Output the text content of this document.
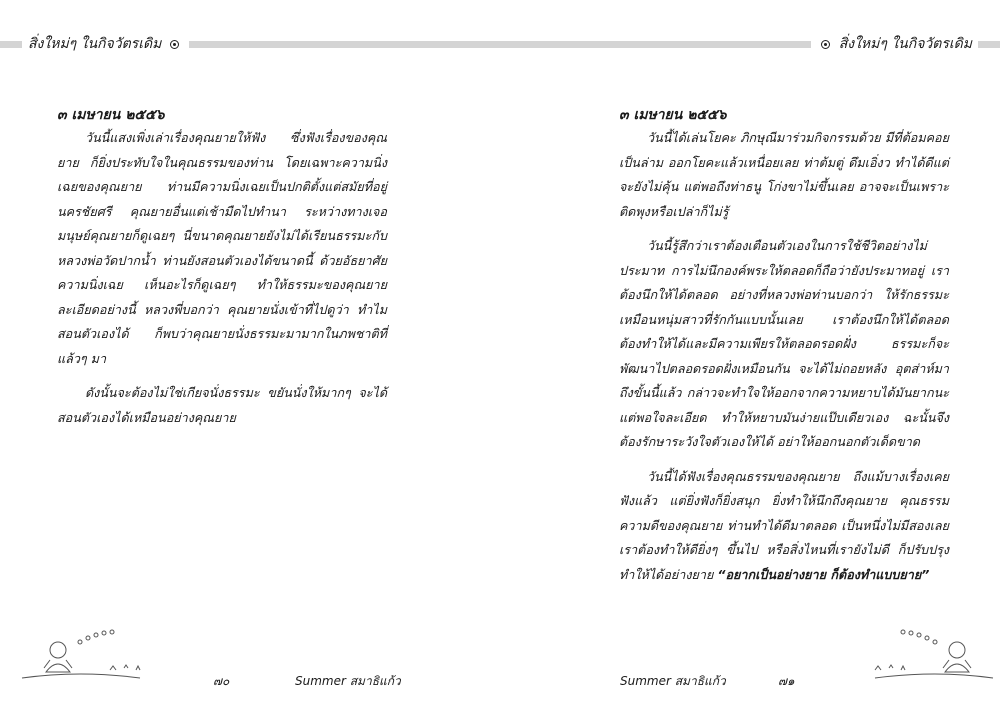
สิ่งใหม่ๆ ในกิจวัตรเดิม
๓ เมษายน ๒๕๕๖

วันนี้แสงเพิ่งเล่าเรื่องคุณยายให้ฟัง ซึ่งฟังเรื่องของคุณยาย ก็ยิ่งประทับใจในคุณธรรมของท่าน โดยเฉพาะความนิ่งเฉยของคุณยาย ท่านมีความนิ่งเฉยเป็นปกติตั้งแต่สมัยที่อยู่นครชัยศรี คุณยายอื่นแต่เช้ามืดไปทำนา ระหว่างทางเจอมนุษย์คุณยายก็ดูเฉยๆ นี่ขนาดคุณยายยังไม่ได้เรียนธรรมะกับหลวงพ่อวัดปากน้ำ ท่านยังสอนตัวเองได้ขนาดนี้ ด้วยอัธยาศัยความนิ่งเฉย เห็นอะไรก็ดูเฉยๆ ทำให้ธรรมะของคุณยายละเอียดอย่างนี้ หลวงพี่บอกว่า คุณยายนั่งเข้าที่ไปดูว่า ทำไมสอนตัวเองได้ ก็พบว่าคุณยายนั่งธรรมะมามากในภพชาติที่แล้วๆ มา

ดังนั้นจะต้องไม่ใช่เกียจนั่งธรรมะ ขยันนั่งให้มากๆ จะได้สอนตัวเองได้เหมือนอย่างคุณยาย

๗๐	Summer สมาธิแก้ว
สิ่งใหม่ๆ ในกิจวัตรเดิม
๓ เมษายน ๒๕๕๖

วันนี้ได้เล่นโยคะ ภิกษุณีมาร่วมกิจกรรมด้วย มีที่ต้อมคอยเป็นล่าม ออกโยคะแล้วเหนื่อยเลย ท่าต้มตู่ ดึมเอิ่งว ทำได้ดีแต่จะยังไม่คุ้น แต่พอถึงท่าธนู โก่งขาไม่ขึ้นเลย อาจจะเป็นเพราะติดพุงหรือเปล่าก็ไม่รู้

วันนี้รู้สึกว่าเราต้องเตือนตัวเองในการใช้ชีวิตอย่างไม่ประมาท การไม่นึกองค์พระให้ตลอดก็ถือว่ายังประมาทอยู่ เราต้องนึกให้ได้ตลอด อย่างที่หลวงพ่อท่านบอกว่า ให้รักธรรมะเหมือนหนุ่มสาวที่รักกันแบบนั้นเลย เราต้องนึกให้ได้ตลอด ต้องทำให้ได้และมีความเพียรให้ตลอดรอดฝั่ง ธรรมะก็จะพัฒนาไปตลอดรอดฝั่งเหมือนกัน จะได้ไม่ถอยหลัง อุตส่าห์มาถึงขั้นนี้แล้ว กล่าวจะทำใจให้ออกจากความหยาบได้มันยากนะ แต่พอใจละเอียด ทำให้หยาบมันง่ายแป๊บเดียวเอง ฉะนั้นจึงต้องรักษาระวังใจตัวเองให้ได้ อย่าให้ออกนอกตัวเด็ดขาด

วันนี้ได้ฟังเรื่องคุณธรรมของคุณยาย ถึงแม้บางเรื่องเคยฟังแล้ว แต่ยิ่งฟังก็ยิ่งสนุก ยิ่งทำให้นึกถึงคุณยาย คุณธรรมความดีของคุณยาย ท่านทำได้ดีมาตลอด เป็นหนึ่งไม่มีสองเลย เราต้องทำให้ดียิ่งๆ ขึ้นไป หรือสิ่งไหนที่เรายังไม่ดี ก็ปรับปรุง ทำให้ได้อย่างยาย “อยากเป็นอย่างยาย ก็ต้องทำแบบยาย”

Summer สมาธิแก้ว	๗๑
